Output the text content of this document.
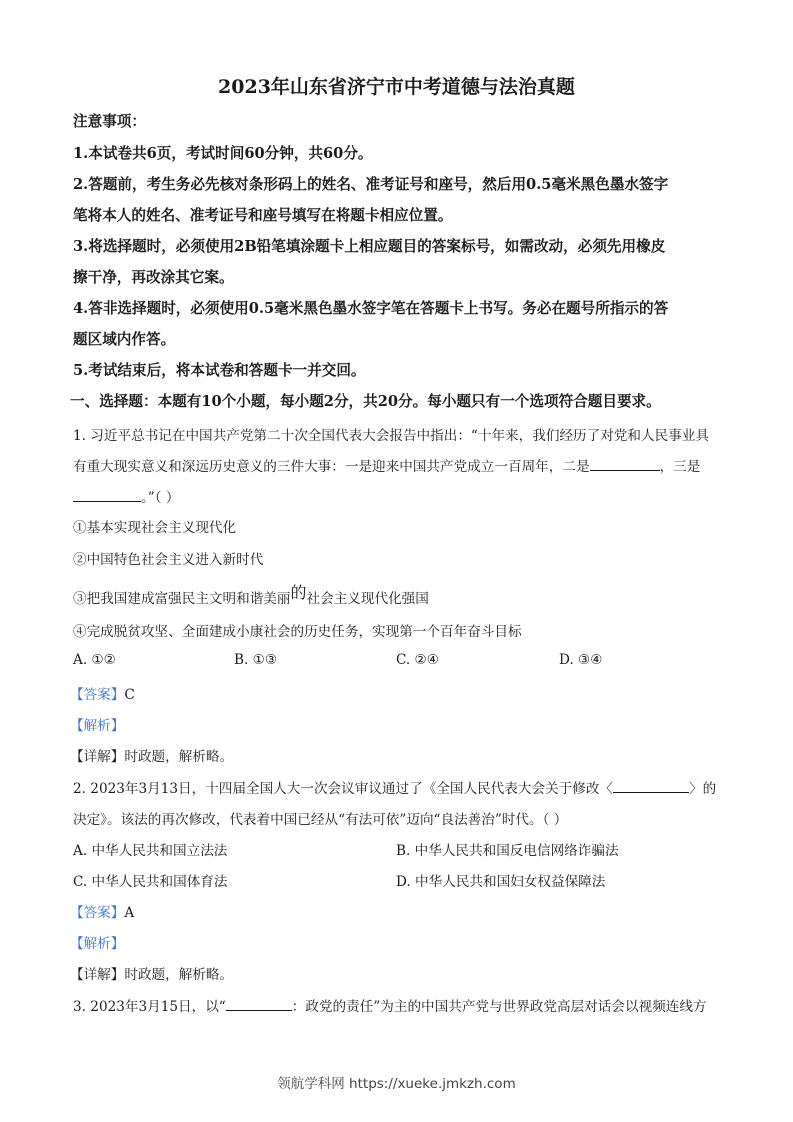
2023年山东省济宁市中考道德与法治真题
注意事项：
1.本试卷共6页，考试时间60分钟，共60分。
2.答题前，考生务必先核对条形码上的姓名、准考证号和座号，然后用0.5毫米黑色墨水签字
笔将本人的姓名、准考证号和座号填写在将题卡相应位置。
3.将选择题时，必须使用2B铅笔填涂题卡上相应题目的答案标号，如需改动，必须先用橡皮
擦干净，再改涂其它案。
4.答非选择题时，必须使用0.5毫米黑色墨水签字笔在答题卡上书写。务必在题号所指示的答
题区域内作答。
5.考试结束后，将本试卷和答题卡一并交回。
一、选择题：本题有10个小题，每小题2分，共20分。每小题只有一个选项符合题目要求。
1. 习近平总书记在中国共产党第二十次全国代表大会报告中指出：“十年来，我们经历了对党和人民事业具
有重大现实意义和深远历史意义的三件大事：一是迎来中国共产党成立一百周年，二是	，三是
。”（ ）
①基本实现社会主义现代化
②中国特色社会主义进入新时代
③把我国建成富强民主文明和谐美丽的社会主义现代化强国
④完成脱贫攻坚、全面建成小康社会的历史任务，实现第一个百年奋斗目标
A. ①②	B. ①③	C. ②④	D. ③④
【答案】C
【解析】
【详解】时政题，解析略。
2. 2023年3月13日，十四届全国人大一次会议审议通过了《全国人民代表大会关于修改〈	〉的
决定》。该法的再次修改，代表着中国已经从“有法可依”迈向“良法善治”时代。（ ）
A. 中华人民共和国立法法	B. 中华人民共和国反电信网络诈骗法
C. 中华人民共和国体育法	D. 中华人民共和国妇女权益保障法
【答案】A
【解析】
【详解】时政题，解析略。
3. 2023年3月15日，以“	：政党的责任”为主的中国共产党与世界政党高层对话会以视频连线方
领航学科网 https://xueke.jmkzh.com
